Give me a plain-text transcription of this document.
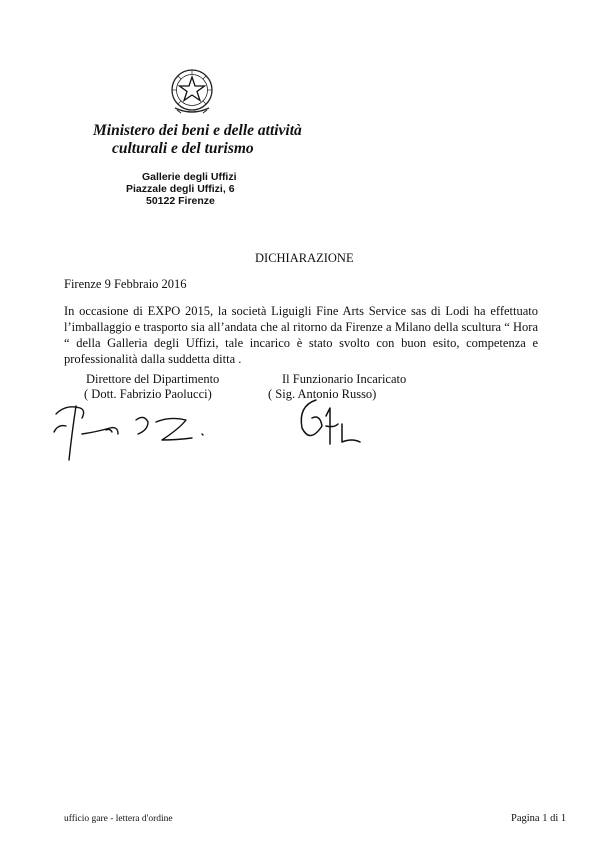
Ministero dei beni e delle attività
culturali e del turismo
Gallerie degli Uffizi
Piazzale degli Uffizi, 6
50122 Firenze
DICHIARAZIONE
Firenze 9 Febbraio 2016
In occasione di EXPO 2015, la società Liguigli Fine Arts Service sas di Lodi ha effettuato l’imballaggio e trasporto sia all’andata che al ritorno da Firenze a Milano della scultura “ Hora “ della Galleria degli Uffizi, tale incarico è stato svolto con buon esito, competenza e professionalità dalla suddetta ditta .
Direttore del Dipartimento
( Dott. Fabrizio Paolucci)
Il Funzionario Incaricato
( Sig. Antonio Russo)
ufficio gare - lettera d'ordine	Pagina 1 di 1
